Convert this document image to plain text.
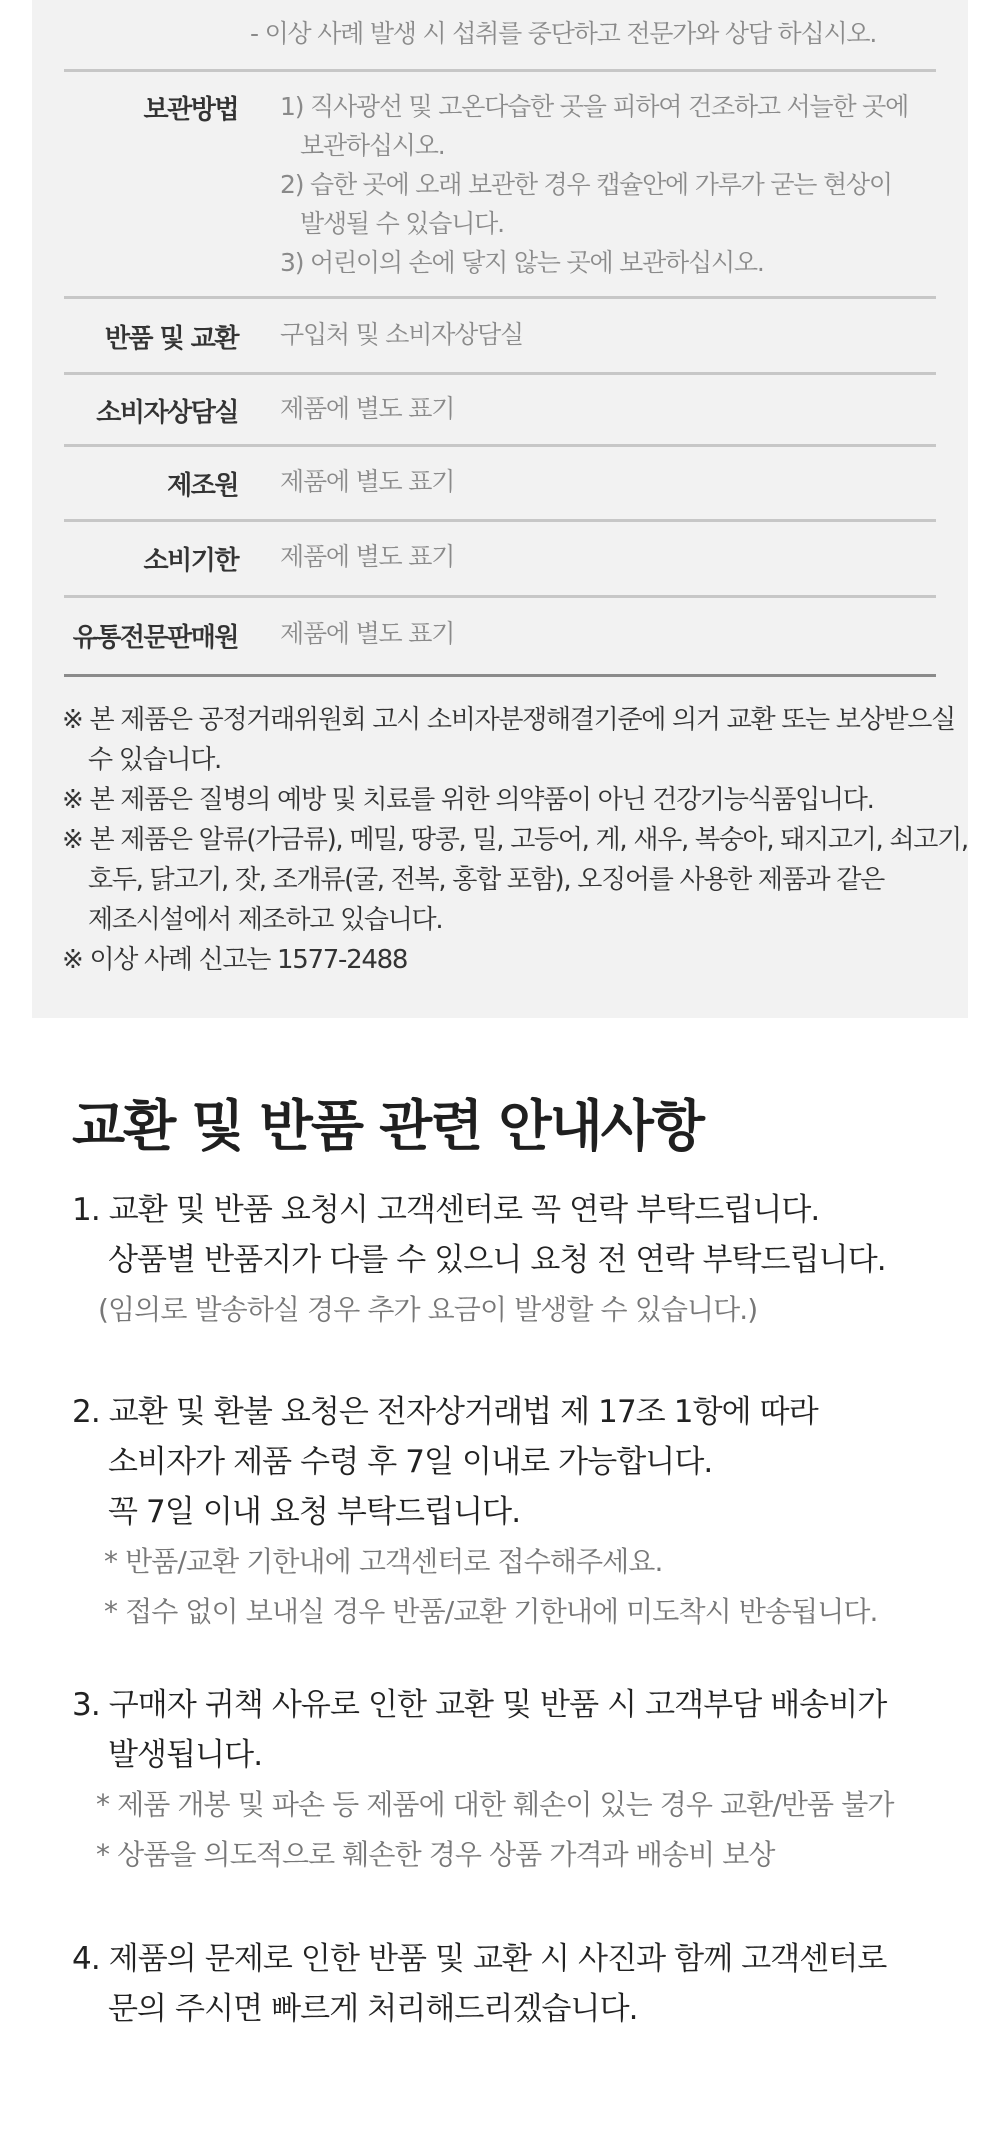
- 이상 사례 발생 시 섭취를 중단하고 전문가와 상담 하십시오.
보관방법 1) 직사광선 및 고온다습한 곳을 피하여 건조하고 서늘한 곳에
보관하십시오.
2) 습한 곳에 오래 보관한 경우 캡슐안에 가루가 굳는 현상이
발생될 수 있습니다.
3) 어린이의 손에 닿지 않는 곳에 보관하십시오.
반품 및 교환 구입처 및 소비자상담실
소비자상담실 제품에 별도 표기
제조원 제품에 별도 표기
소비기한 제품에 별도 표기
유통전문판매원 제품에 별도 표기
※ 본 제품은 공정거래위원회 고시 소비자분쟁해결기준에 의거 교환 또는 보상받으실
수 있습니다.
※ 본 제품은 질병의 예방 및 치료를 위한 의약품이 아닌 건강기능식품입니다.
※ 본 제품은 알류(가금류), 메밀, 땅콩, 밀, 고등어, 게, 새우, 복숭아, 돼지고기, 쇠고기,
호두, 닭고기, 잣, 조개류(굴, 전복, 홍합 포함), 오징어를 사용한 제품과 같은
제조시설에서 제조하고 있습니다.
※ 이상 사례 신고는 1577-2488
교환 및 반품 관련 안내사항
1. 교환 및 반품 요청시 고객센터로 꼭 연락 부탁드립니다.
상품별 반품지가 다를 수 있으니 요청 전 연락 부탁드립니다.
(임의로 발송하실 경우 추가 요금이 발생할 수 있습니다.)
2. 교환 및 환불 요청은 전자상거래법 제 17조 1항에 따라
소비자가 제품 수령 후 7일 이내로 가능합니다.
꼭 7일 이내 요청 부탁드립니다.
* 반품/교환 기한내에 고객센터로 접수해주세요.
* 접수 없이 보내실 경우 반품/교환 기한내에 미도착시 반송됩니다.
3. 구매자 귀책 사유로 인한 교환 및 반품 시 고객부담 배송비가
발생됩니다.
* 제품 개봉 및 파손 등 제품에 대한 훼손이 있는 경우 교환/반품 불가
* 상품을 의도적으로 훼손한 경우 상품 가격과 배송비 보상
4. 제품의 문제로 인한 반품 및 교환 시 사진과 함께 고객센터로
문의 주시면 빠르게 처리해드리겠습니다.
